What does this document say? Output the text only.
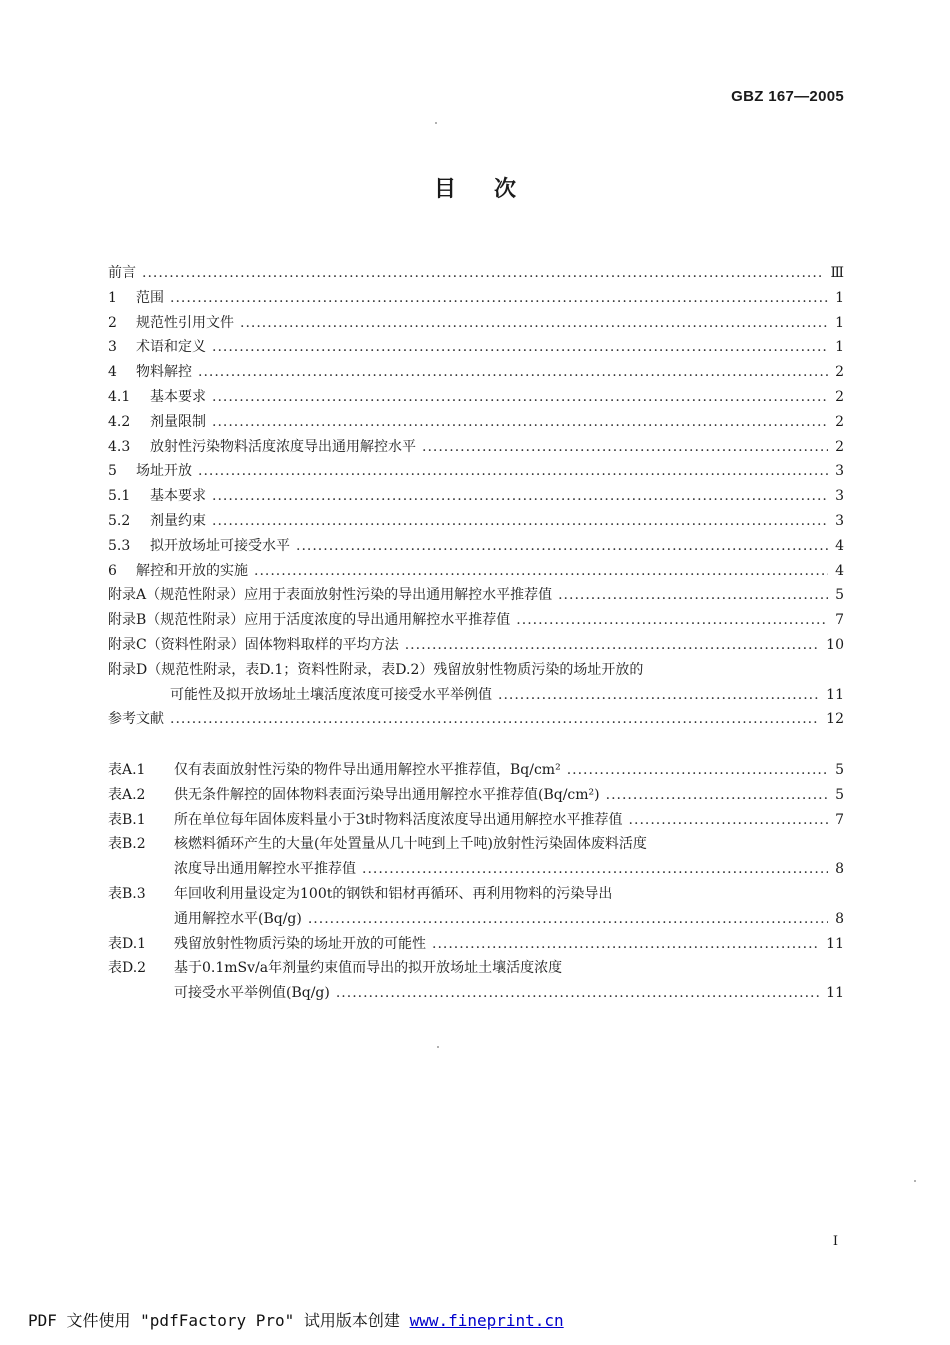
GBZ 167—2005
目次
前言 .....	Ⅲ
1	范围 .....	1
2	规范性引用文件 .....	1
3	术语和定义 .....	1
4	物料解控 .....	2
4.1	基本要求 .....	2
4.2	剂量限制 .....	2
4.3	放射性污染物料活度浓度导出通用解控水平 .....	2
5	场址开放 .....	3
5.1	基本要求 .....	3
5.2	剂量约束 .....	3
5.3	拟开放场址可接受水平 .....	4
6	解控和开放的实施 .....	4
附录A（规范性附录）应用于表面放射性污染的导出通用解控水平推荐值 .....	5
附录B（规范性附录）应用于活度浓度的导出通用解控水平推荐值 .....	7
附录C（资料性附录）固体物料取样的平均方法 .....	10
附录D（规范性附录，表D.1；资料性附录，表D.2）残留放射性物质污染的场址开放的
可能性及拟开放场址土壤活度浓度可接受水平举例值 .....	11
参考文献 .....	12
表A.1	仅有表面放射性污染的物件导出通用解控水平推荐值，Bq/cm² .....	5
表A.2	供无条件解控的固体物料表面污染导出通用解控水平推荐值(Bq/cm²) .....	5
表B.1	所在单位每年固体废料量小于3t时物料活度浓度导出通用解控水平推荐值 .....	7
表B.2	核燃料循环产生的大量(年处置量从几十吨到上千吨)放射性污染固体废料活度
浓度导出通用解控水平推荐值 .....	8
表B.3	年回收利用量设定为100t的钢铁和铝材再循环、再利用物料的污染导出
通用解控水平(Bq/g) .....	8
表D.1	残留放射性物质污染的场址开放的可能性 .....	11
表D.2	基于0.1mSv/a年剂量约束值而导出的拟开放场址土壤活度浓度
可接受水平举例值(Bq/g) .....	11
I
PDF 文件使用 "pdfFactory Pro" 试用版本创建 www.fineprint.cn
